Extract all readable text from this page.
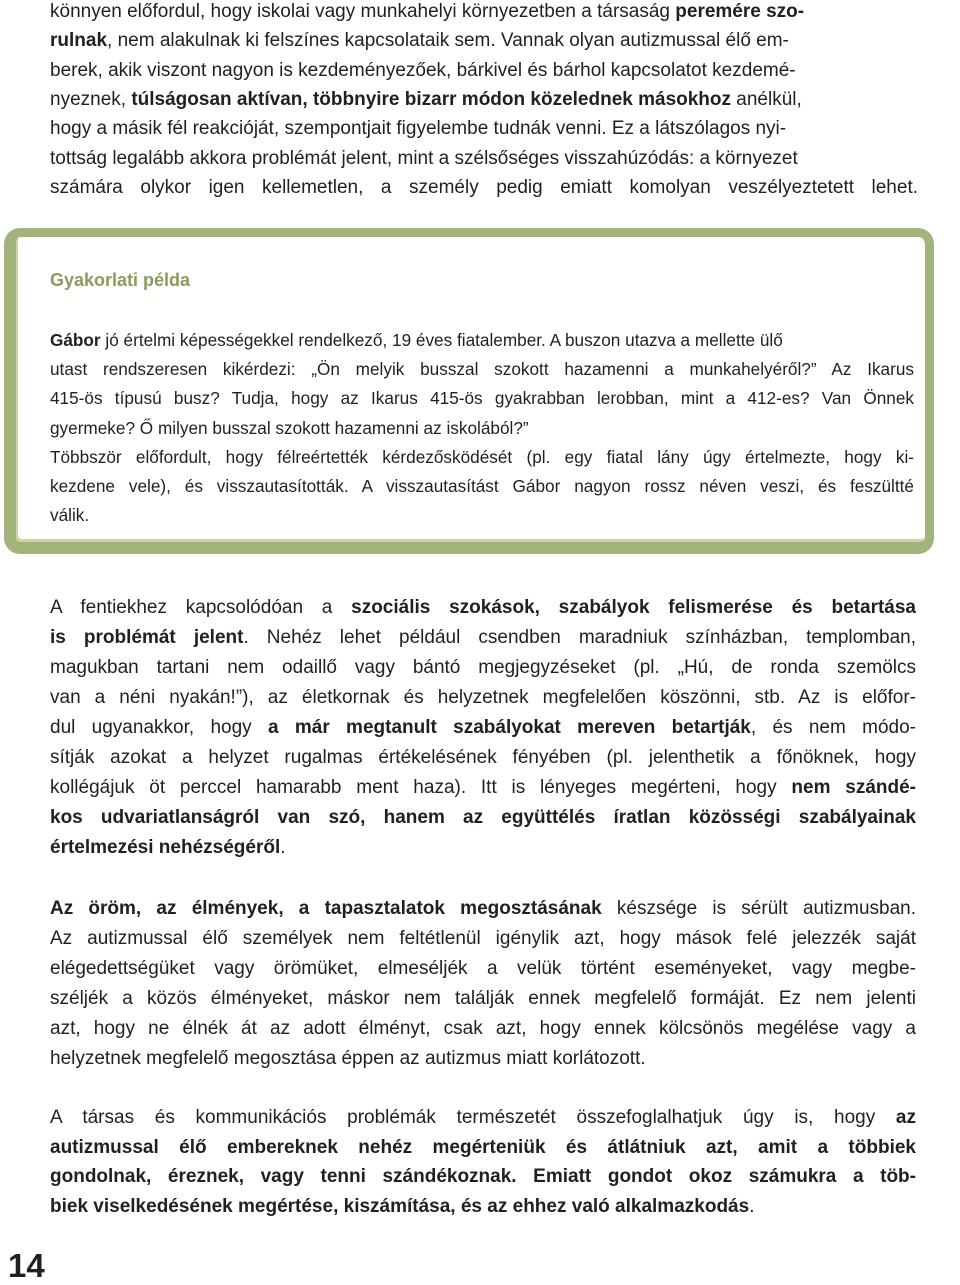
könnyen előfordul, hogy iskolai vagy munkahelyi környezetben a társaság peremére szo-
rulnak, nem alakulnak ki felszínes kapcsolataik sem. Vannak olyan autizmussal élő em-
berek, akik viszont nagyon is kezdeményezőek, bárkivel és bárhol kapcsolatot kezdemé-
nyeznek, túlságosan aktívan, többnyire bizarr módon közelednek másokhoz anélkül,
hogy a másik fél reakcióját, szempontjait figyelembe tudnák venni. Ez a látszólagos nyi-
tottság legalább akkora problémát jelent, mint a szélsőséges visszahúzódás: a környezet
számára olykor igen kellemetlen, a személy pedig emiatt komolyan veszélyeztetett lehet.
Gyakorlati példa
Gábor jó értelmi képességekkel rendelkező, 19 éves fiatalember. A buszon utazva a mellette ülő
utast rendszeresen kikérdezi: „Ön melyik busszal szokott hazamenni a munkahelyéről?” Az Ikarus
415-ös típusú busz? Tudja, hogy az Ikarus 415-ös gyakrabban lerobban, mint a 412-es? Van Önnek
gyermeke? Ő milyen busszal szokott hazamenni az iskolából?”
Többször előfordult, hogy félreértették kérdezősködését (pl. egy fiatal lány úgy értelmezte, hogy ki-
kezdene vele), és visszautasították. A visszautasítást Gábor nagyon rossz néven veszi, és feszültté
válik.
A fentiekhez kapcsolódóan a szociális szokások, szabályok felismerése és betartása
is problémát jelent. Nehéz lehet például csendben maradniuk színházban, templomban,
magukban tartani nem odaillő vagy bántó megjegyzéseket (pl. „Hú, de ronda szemölcs
van a néni nyakán!”), az életkornak és helyzetnek megfelelően köszönni, stb. Az is előfor-
dul ugyanakkor, hogy a már megtanult szabályokat mereven betartják, és nem módo-
sítják azokat a helyzet rugalmas értékelésének fényében (pl. jelenthetik a főnöknek, hogy
kollégájuk öt perccel hamarabb ment haza). Itt is lényeges megérteni, hogy nem szándé-
kos udvariatlanságról van szó, hanem az együttélés íratlan közösségi szabályainak
értelmezési nehézségéről.
Az öröm, az élmények, a tapasztalatok megosztásának készsége is sérült autizmusban.
Az autizmussal élő személyek nem feltétlenül igénylik azt, hogy mások felé jelezzék saját
elégedettségüket vagy örömüket, elmeséljék a velük történt eseményeket, vagy megbe-
széljék a közös élményeket, máskor nem találják ennek megfelelő formáját. Ez nem jelenti
azt, hogy ne élnék át az adott élményt, csak azt, hogy ennek kölcsönös megélése vagy a
helyzetnek megfelelő megosztása éppen az autizmus miatt korlátozott.
A társas és kommunikációs problémák természetét összefoglalhatjuk úgy is, hogy az
autizmussal élő embereknek nehéz megérteniük és átlátniuk azt, amit a többiek
gondolnak, éreznek, vagy tenni szándékoznak. Emiatt gondot okoz számukra a töb-
biek viselkedésének megértése, kiszámítása, és az ehhez való alkalmazkodás.
14
